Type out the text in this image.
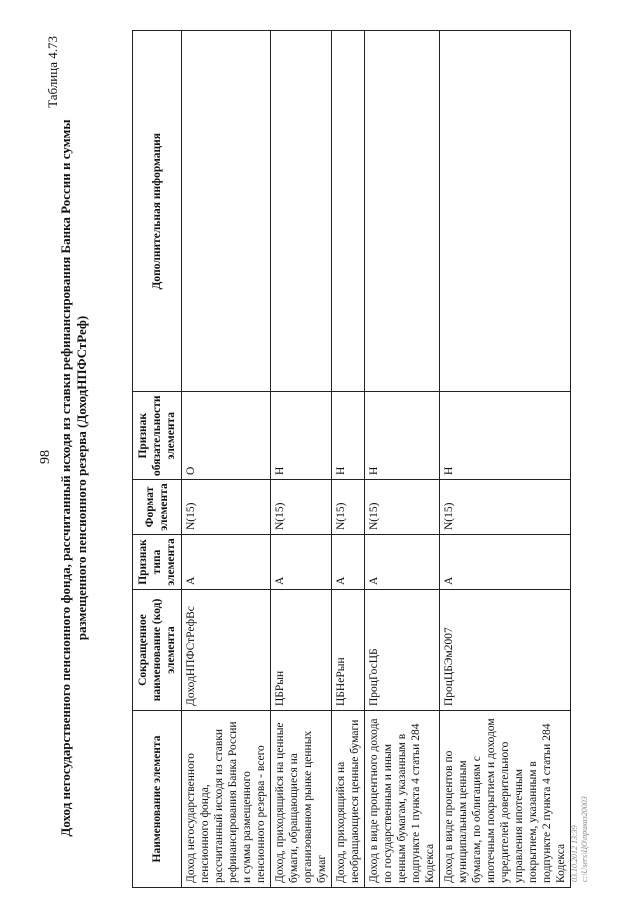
98
Таблица 4.73
Доход негосударственного пенсионного фонда, рассчитанный исходя из ставки рефинансирования Банка России и суммы размещенного пенсионного резерва (ДоходНПФСтРеф)
Наименование элемента	Сокращенное наименование (код) элемента	Признак типа элемента	Формат элемента	Признак обязательности элемента	Дополнительная информация
Доход негосударственного пенсионного фонда, рассчитанный исходя из ставки рефинансирования Банка России и сумма размещенного пенсионного резерва - всего	ДоходНПФСтРефВс	А	N(15)	О	
Доход, приходящийся на ценные бумаги, обращающиеся на организованном рынке ценных бумаг	ЦБРын	А	N(15)	Н	
Доход, приходящийся на необращающиеся ценные бумаги	ЦБНеРын	А	N(15)	Н	
Доход в виде процентного дохода по государственным и иным ценным бумагам, указанным в подпункте 1 пункта 4 статьи 284 Кодекса	ПроцГосЦБ	А	N(15)	Н	
Доход в виде процентов по муниципальным ценным бумагам, по облигациям с ипотечным покрытием и доходом учредителей доверительного управления ипотечным покрытием, указанным в подпункте 2 пункта 4 статьи 284 Кодекса	ПроцЦБЭм2007	А	N(15)	Н	
03.10.2012 13:39 с:\Users\ЦО\приказ20003
